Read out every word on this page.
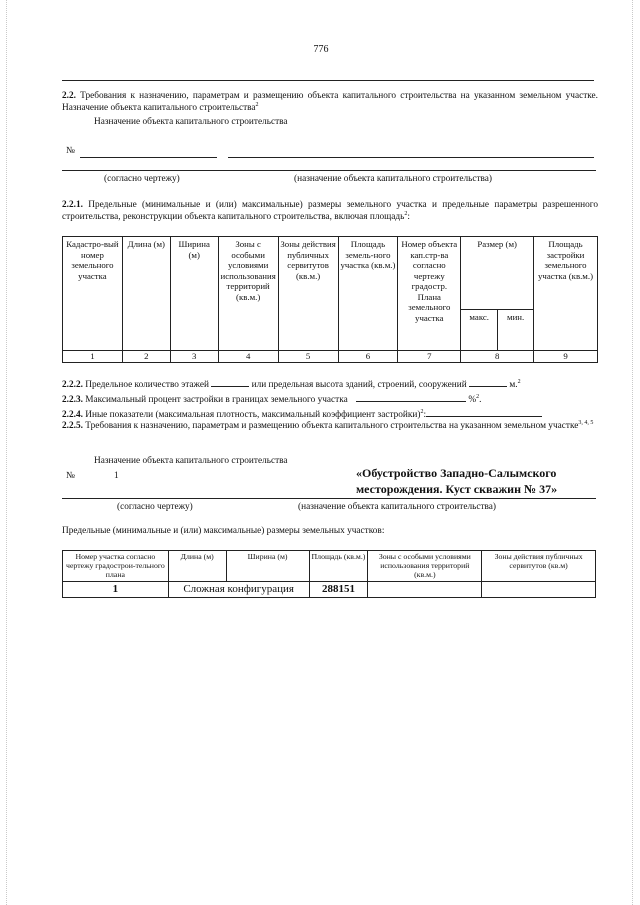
776
2.2. Требования к назначению, параметрам и размещению объекта капитального строительства на указанном земельном участке. Назначение объекта капитального строительства$^2$
Назначение объекта капитального строительства
№
(согласно чертежу)	(назначение объекта капитального строительства)
2.2.1. Предельные (минимальные и (или) максимальные) размеры земельного участка и предельные параметры разрешенного строительства, реконструкции объекта капитального строительства, включая площадь$^2$:
Кадастро-вый номер земельного участка	Длина (м)	Ширина (м)	Зоны с особыми условиями использования территорий (кв.м.)	Зоны действия публичных сервитутов (кв.м.)	Площадь земель-ного участка (кв.м.)	Номер объекта кап.стр-ва согласно чертежу градостр. Плана земельного участка	Размер (м)		Площадь застройки земельного участка (кв.м.)
							макс.	мин.	
1	2	3	4	5	6	7	8		9
2.2.2. Предельное количество этажей	или предельная высота зданий, строений, сооружений	м.$^2$
2.2.3. Максимальный процент застройки в границах земельного участка	%$^2$.
2.2.4. Иные показатели (максимальная плотность, максимальный коэффициент застройки)$^2$:
2.2.5. Требования к назначению, параметрам и размещению объекта капитального строительства на указанном земельном участке$^{3, 4, 5}$
Назначение объекта капитального строительства
№	1	«Обустройство Западно-Салымского
месторождения. Куст скважин № 37»
(согласно чертежу)	(назначение объекта капитального строительства)
Предельные (минимальные и (или) максимальные) размеры земельных участков:
Номер участка согласно чертежу градострои-тельного плана	Длина (м)	Ширина (м)	Площадь (кв.м.)	Зоны с особыми условиями использования территорий (кв.м.)	Зоны действия публичных сервитутов (кв.м)
1	Сложная конфигурация		288151		
